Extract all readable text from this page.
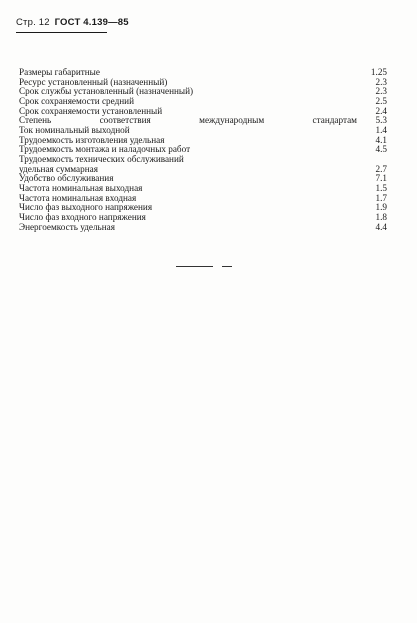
Стр. 12 ГОСТ 4.139—85
Размеры габаритные	1.25
Ресурс установленный (назначенный)	2.3
Срок службы установленный (назначенный)	2.3
Срок сохраняемости средний	2.5
Срок сохраняемости установленный	2.4
Степень	соответствия	международным	стандартам	5.3
Ток номинальный выходной	1.4
Трудоемкость изготовления удельная	4.1
Трудоемкость монтажа и наладочных работ	4.5
Трудоемкость технических обслуживаний
удельная суммарная	2.7
Удобство обслуживания	7.1
Частота номинальная выходная	1.5
Частота номинальная входная	1.7
Число фаз выходного напряжения	1.9
Число фаз входного напряжения	1.8
Энергоемкость удельная	4.4
